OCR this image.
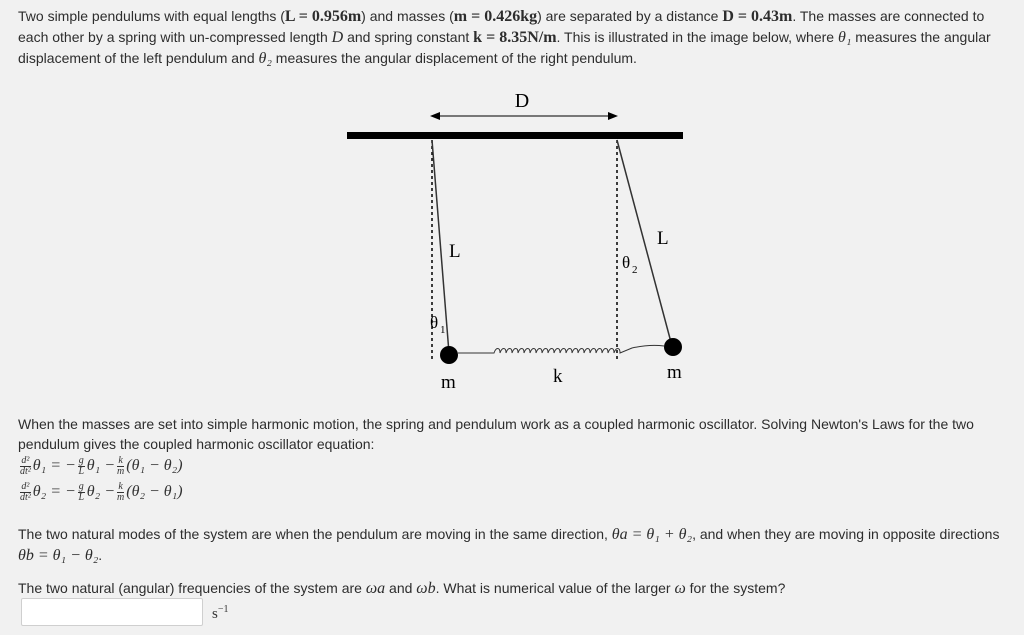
Two simple pendulums with equal lengths (L = 0.956m) and masses (m = 0.426kg) are separated by a distance D = 0.43m. The masses are connected to each other by a spring with un-compressed length D and spring constant k = 8.35N/m. This is illustrated in the image below, where θ₁ measures the angular displacement of the left pendulum and θ₂ measures the angular displacement of the right pendulum.
D
L
L
θ 1
θ 2
m	m
k
When the masses are set into simple harmonic motion, the spring and pendulum work as a coupled harmonic oscillator. Solving Newton's Laws for the two pendulum gives the coupled harmonic oscillator equation:
$\frac{\text{d²}}{\text{dt²}} \theta_1$ = − $\frac{g}{L} \theta_1 - \frac{k}{m} (\theta_1 - \theta_2)$
$\frac{\text{d²}}{\text{dt²}} \theta_2$ = − $\frac{g}{L} \theta_2 - \frac{k}{m} (\theta_2 - \theta_1)$
The two natural modes of the system are when the pendulum are moving in the same direction, θa = θ₁ + θ₂, and when they are moving in opposite directions θb = θ₁ − θ₂.
The two natural (angular) frequencies of the system are ωa and ωb. What is numerical value of the larger ω for the system?
$s^{-1}$
